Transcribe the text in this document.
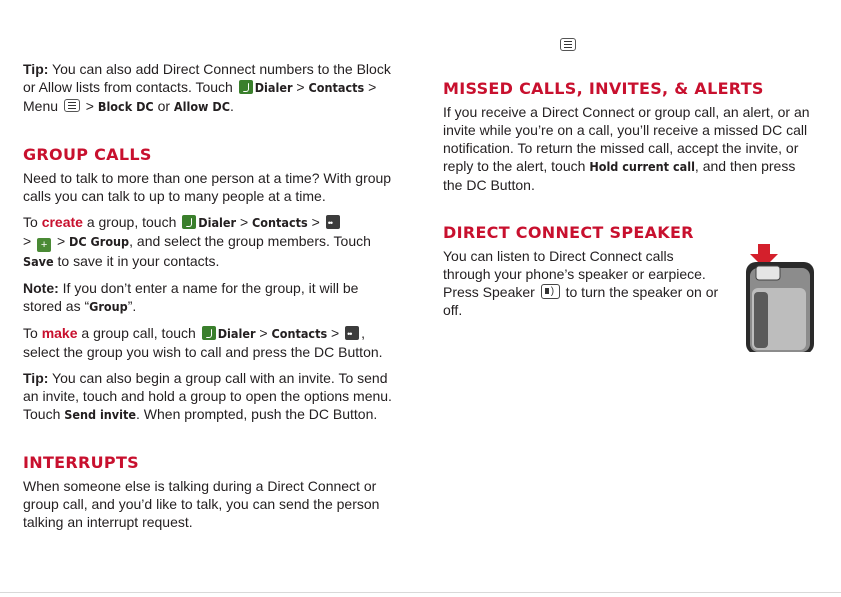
Tip: You can also add Direct Connect numbers to the Block or Allow lists from contacts. Touch Dialer > Contacts > Menu  > Block DC or Allow DC.

GROUP CALLS

Need to talk to more than one person at a time? With group calls you can talk to up to many people at a time.

To create a group, touch Dialer > Contacts > ••
> + > DC Group, and select the group members. Touch Save to save it in your contacts.

Note: If you don’t enter a name for the group, it will be stored as “Group”.

To make a group call, touch Dialer > Contacts > ••, select the group you wish to call and press the DC Button.

Tip: You can also begin a group call with an invite. To send an invite, touch and hold a group to open the options menu. Touch Send invite. When prompted, push the DC Button.

INTERRUPTS

When someone else is talking during a Direct Connect or group call, and you’d like to talk, you can send the person talking an interrupt request.

MISSED CALLS, INVITES, & ALERTS

If you receive a Direct Connect or group call, an alert, or an invite while you’re on a call, you’ll receive a missed DC call notification. To return the missed call, accept the invite, or reply to the alert, touch Hold current call, and then press the DC Button.

DIRECT CONNECT SPEAKER

You can listen to Direct Connect calls through your phone’s speaker or earpiece. Press Speaker ) to turn the speaker on or off.
